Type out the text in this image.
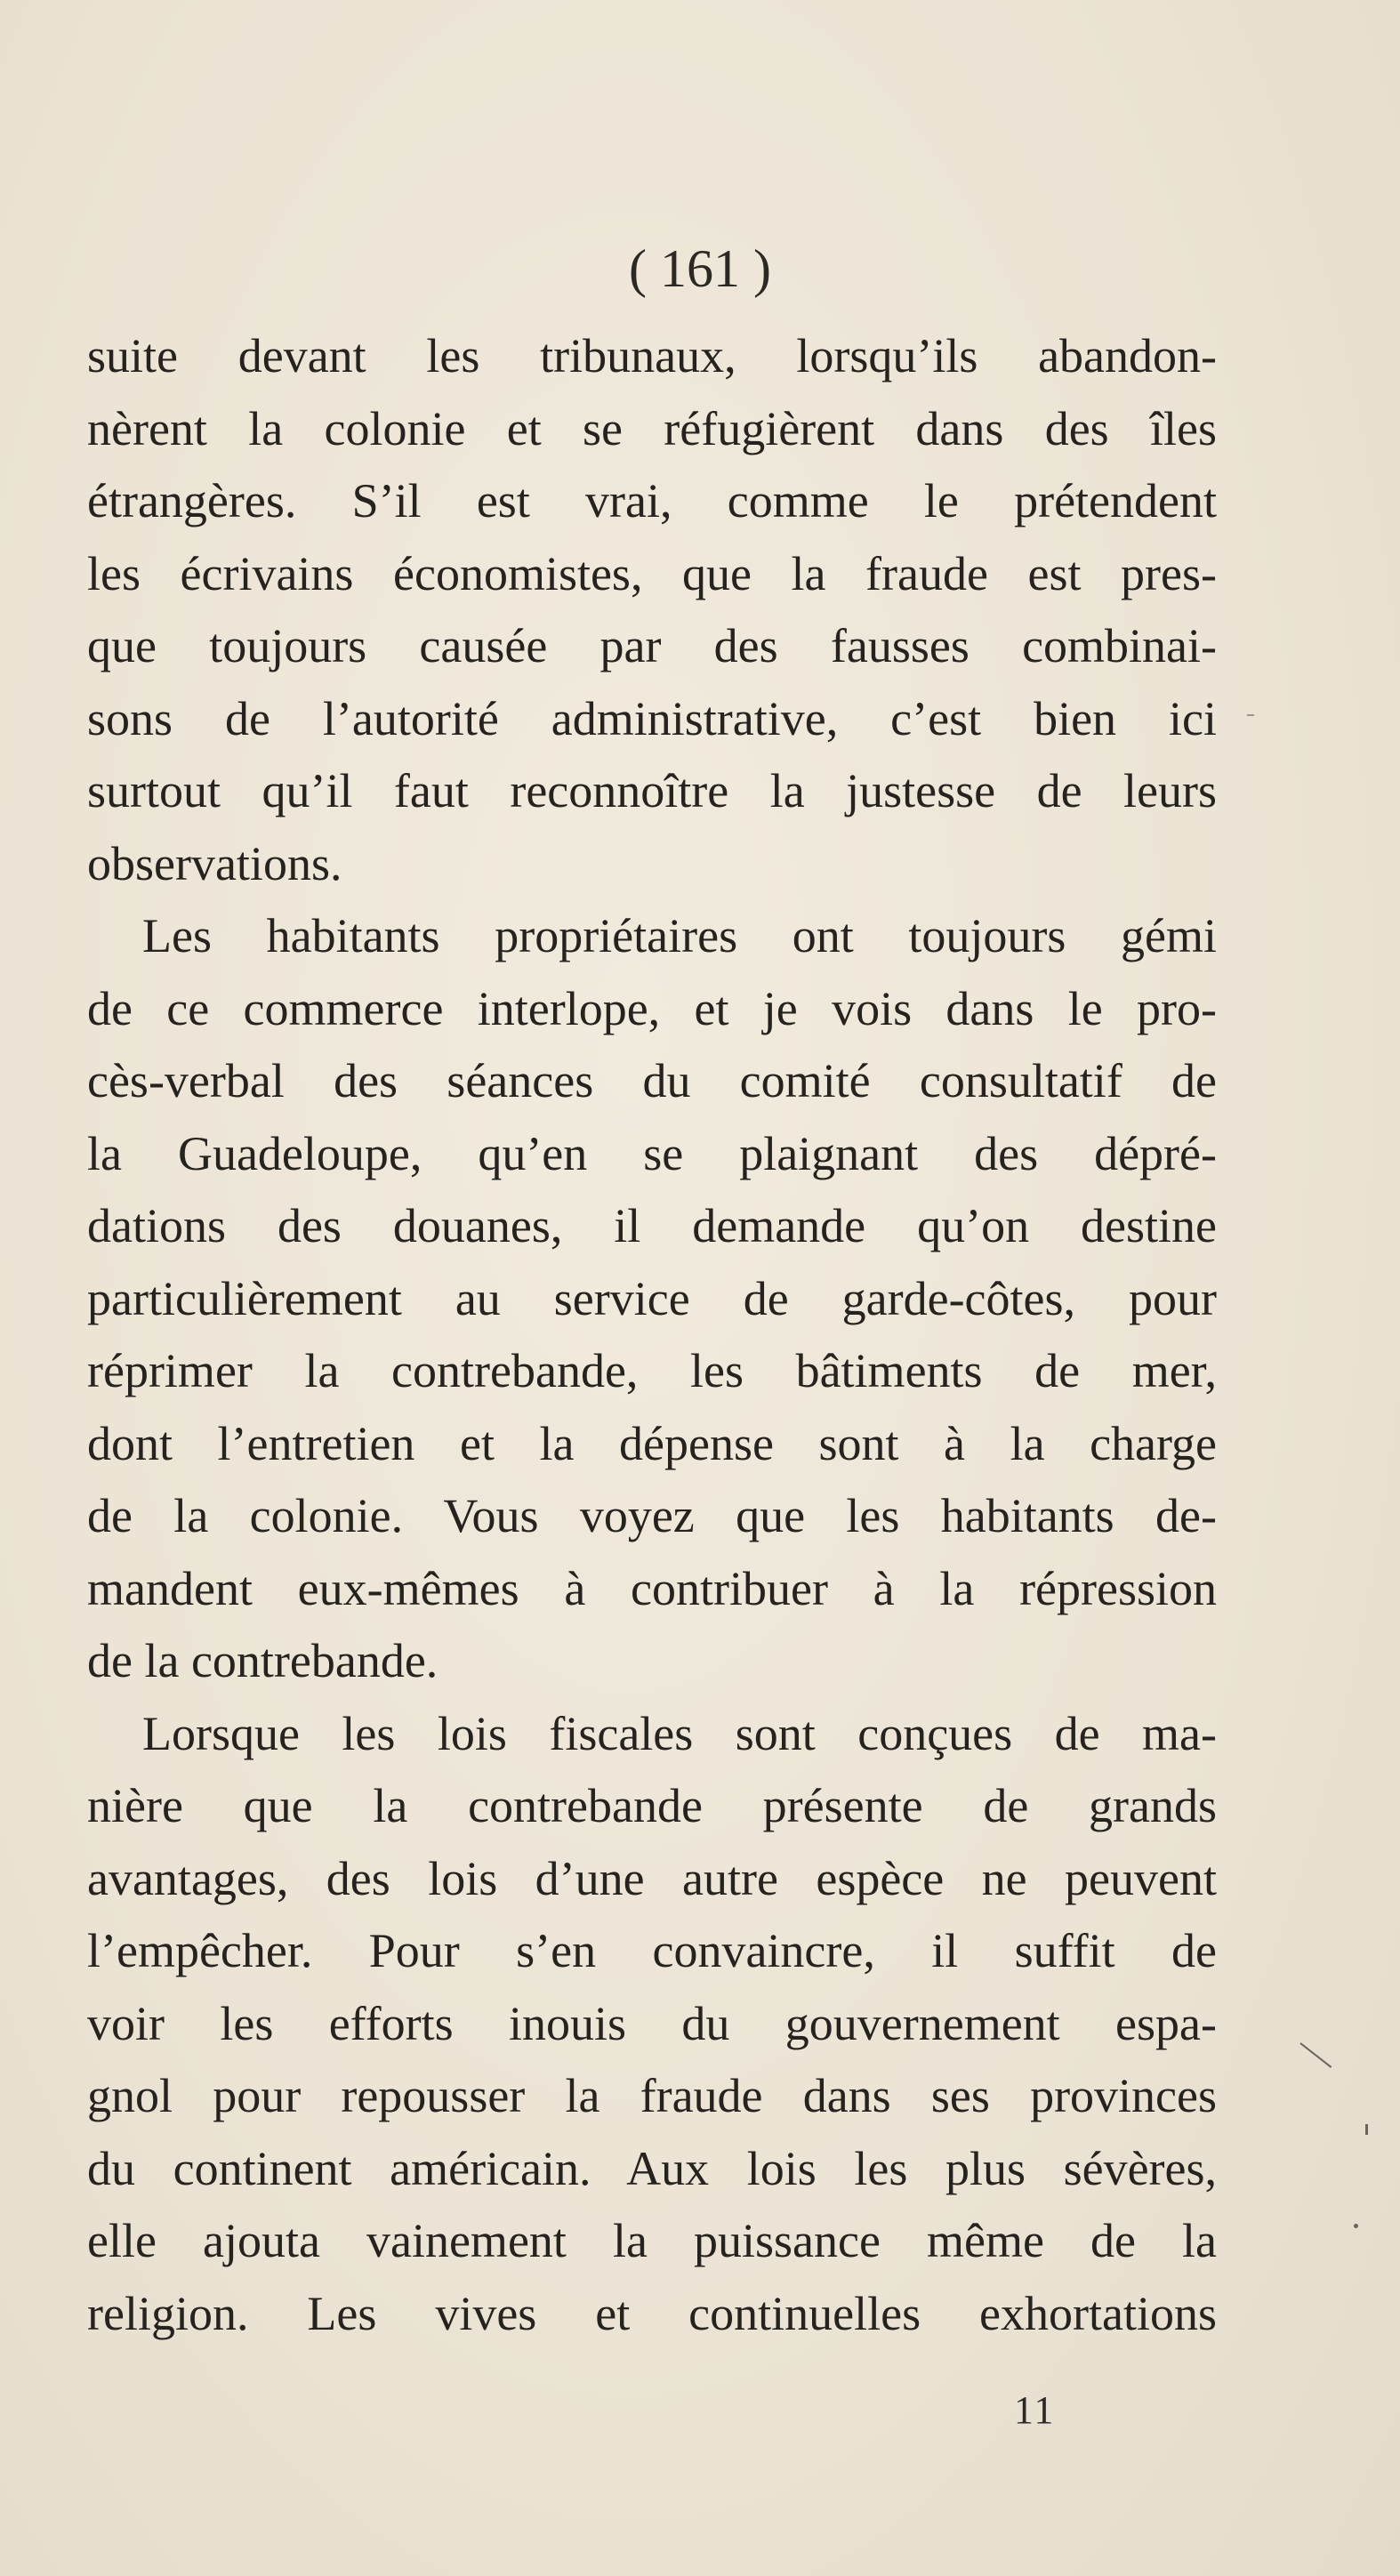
( 161 )
suite devant les tribunaux, lorsqu’ils abandon-
nèrent la colonie et se réfugièrent dans des îles
étrangères. S’il est vrai, comme le prétendent
les écrivains économistes, que la fraude est pres-
que toujours causée par des fausses combinai-
sons de l’autorité administrative, c’est bien ici
surtout qu’il faut reconnoître la justesse de leurs
observations.
Les habitants propriétaires ont toujours gémi
de ce commerce interlope, et je vois dans le pro-
cès-verbal des séances du comité consultatif de
la Guadeloupe, qu’en se plaignant des dépré-
dations des douanes, il demande qu’on destine
particulièrement au service de garde-côtes, pour
réprimer la contrebande, les bâtiments de mer,
dont l’entretien et la dépense sont à la charge
de la colonie. Vous voyez que les habitants de-
mandent eux-mêmes à contribuer à la répression
de la contrebande.
Lorsque les lois fiscales sont conçues de ma-
nière que la contrebande présente de grands
avantages, des lois d’une autre espèce ne peuvent
l’empêcher. Pour s’en convaincre, il suffit de
voir les efforts inouis du gouvernement espa-
gnol pour repousser la fraude dans ses provinces
du continent américain. Aux lois les plus sévères,
elle ajouta vainement la puissance même de la
religion. Les vives et continuelles exhortations
11
